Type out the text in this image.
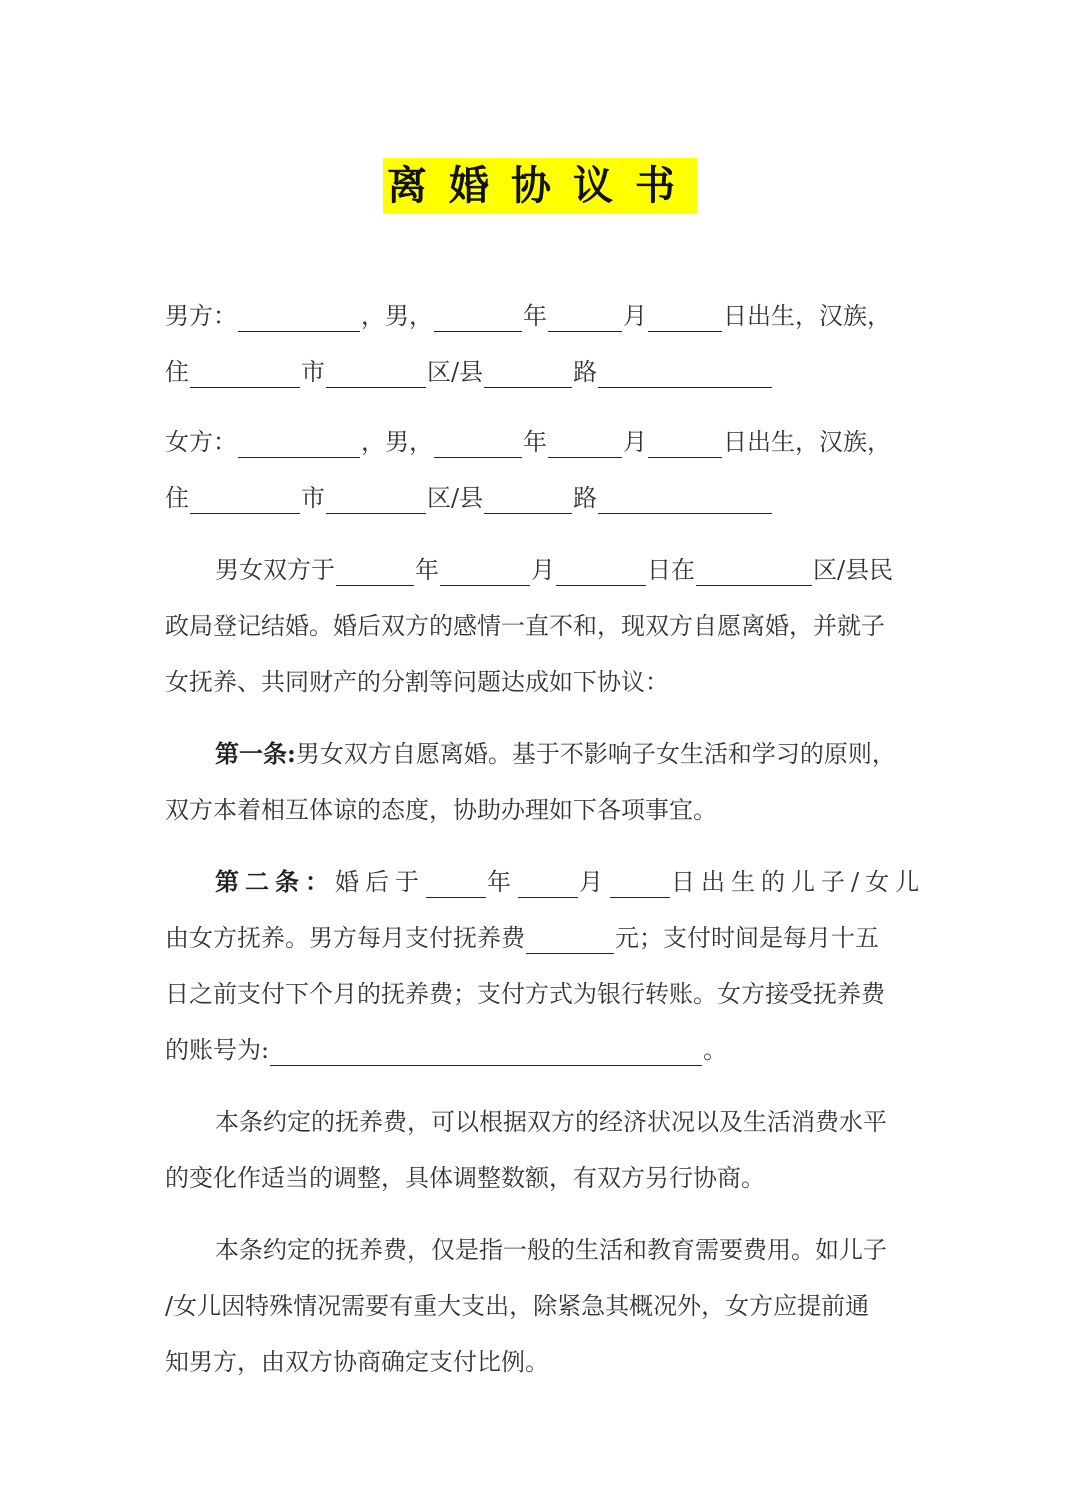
离婚协议书
男方：	，男，	年	月	日出生，汉族，
住	市	区/县	路
女方：	，男，	年	月	日出生，汉族，
住	市	区/县	路
男女双方于	年	月	日在	区/县民
政局登记结婚。婚后双方的感情一直不和，现双方自愿离婚，并就子
女抚养、共同财产的分割等问题达成如下协议：
第一条:男女双方自愿离婚。基于不影响子女生活和学习的原则，
双方本着相互体谅的态度，协助办理如下各项事宜。
第二条：婚后于	年	月	日出生的儿子/女儿
由女方抚养。男方每月支付抚养费	元；支付时间是每月十五
日之前支付下个月的抚养费；支付方式为银行转账。女方接受抚养费
的账号为:	。
本条约定的抚养费，可以根据双方的经济状况以及生活消费水平
的变化作适当的调整，具体调整数额，有双方另行协商。
本条约定的抚养费，仅是指一般的生活和教育需要费用。如儿子
/女儿因特殊情况需要有重大支出，除紧急其概况外，女方应提前通
知男方，由双方协商确定支付比例。
